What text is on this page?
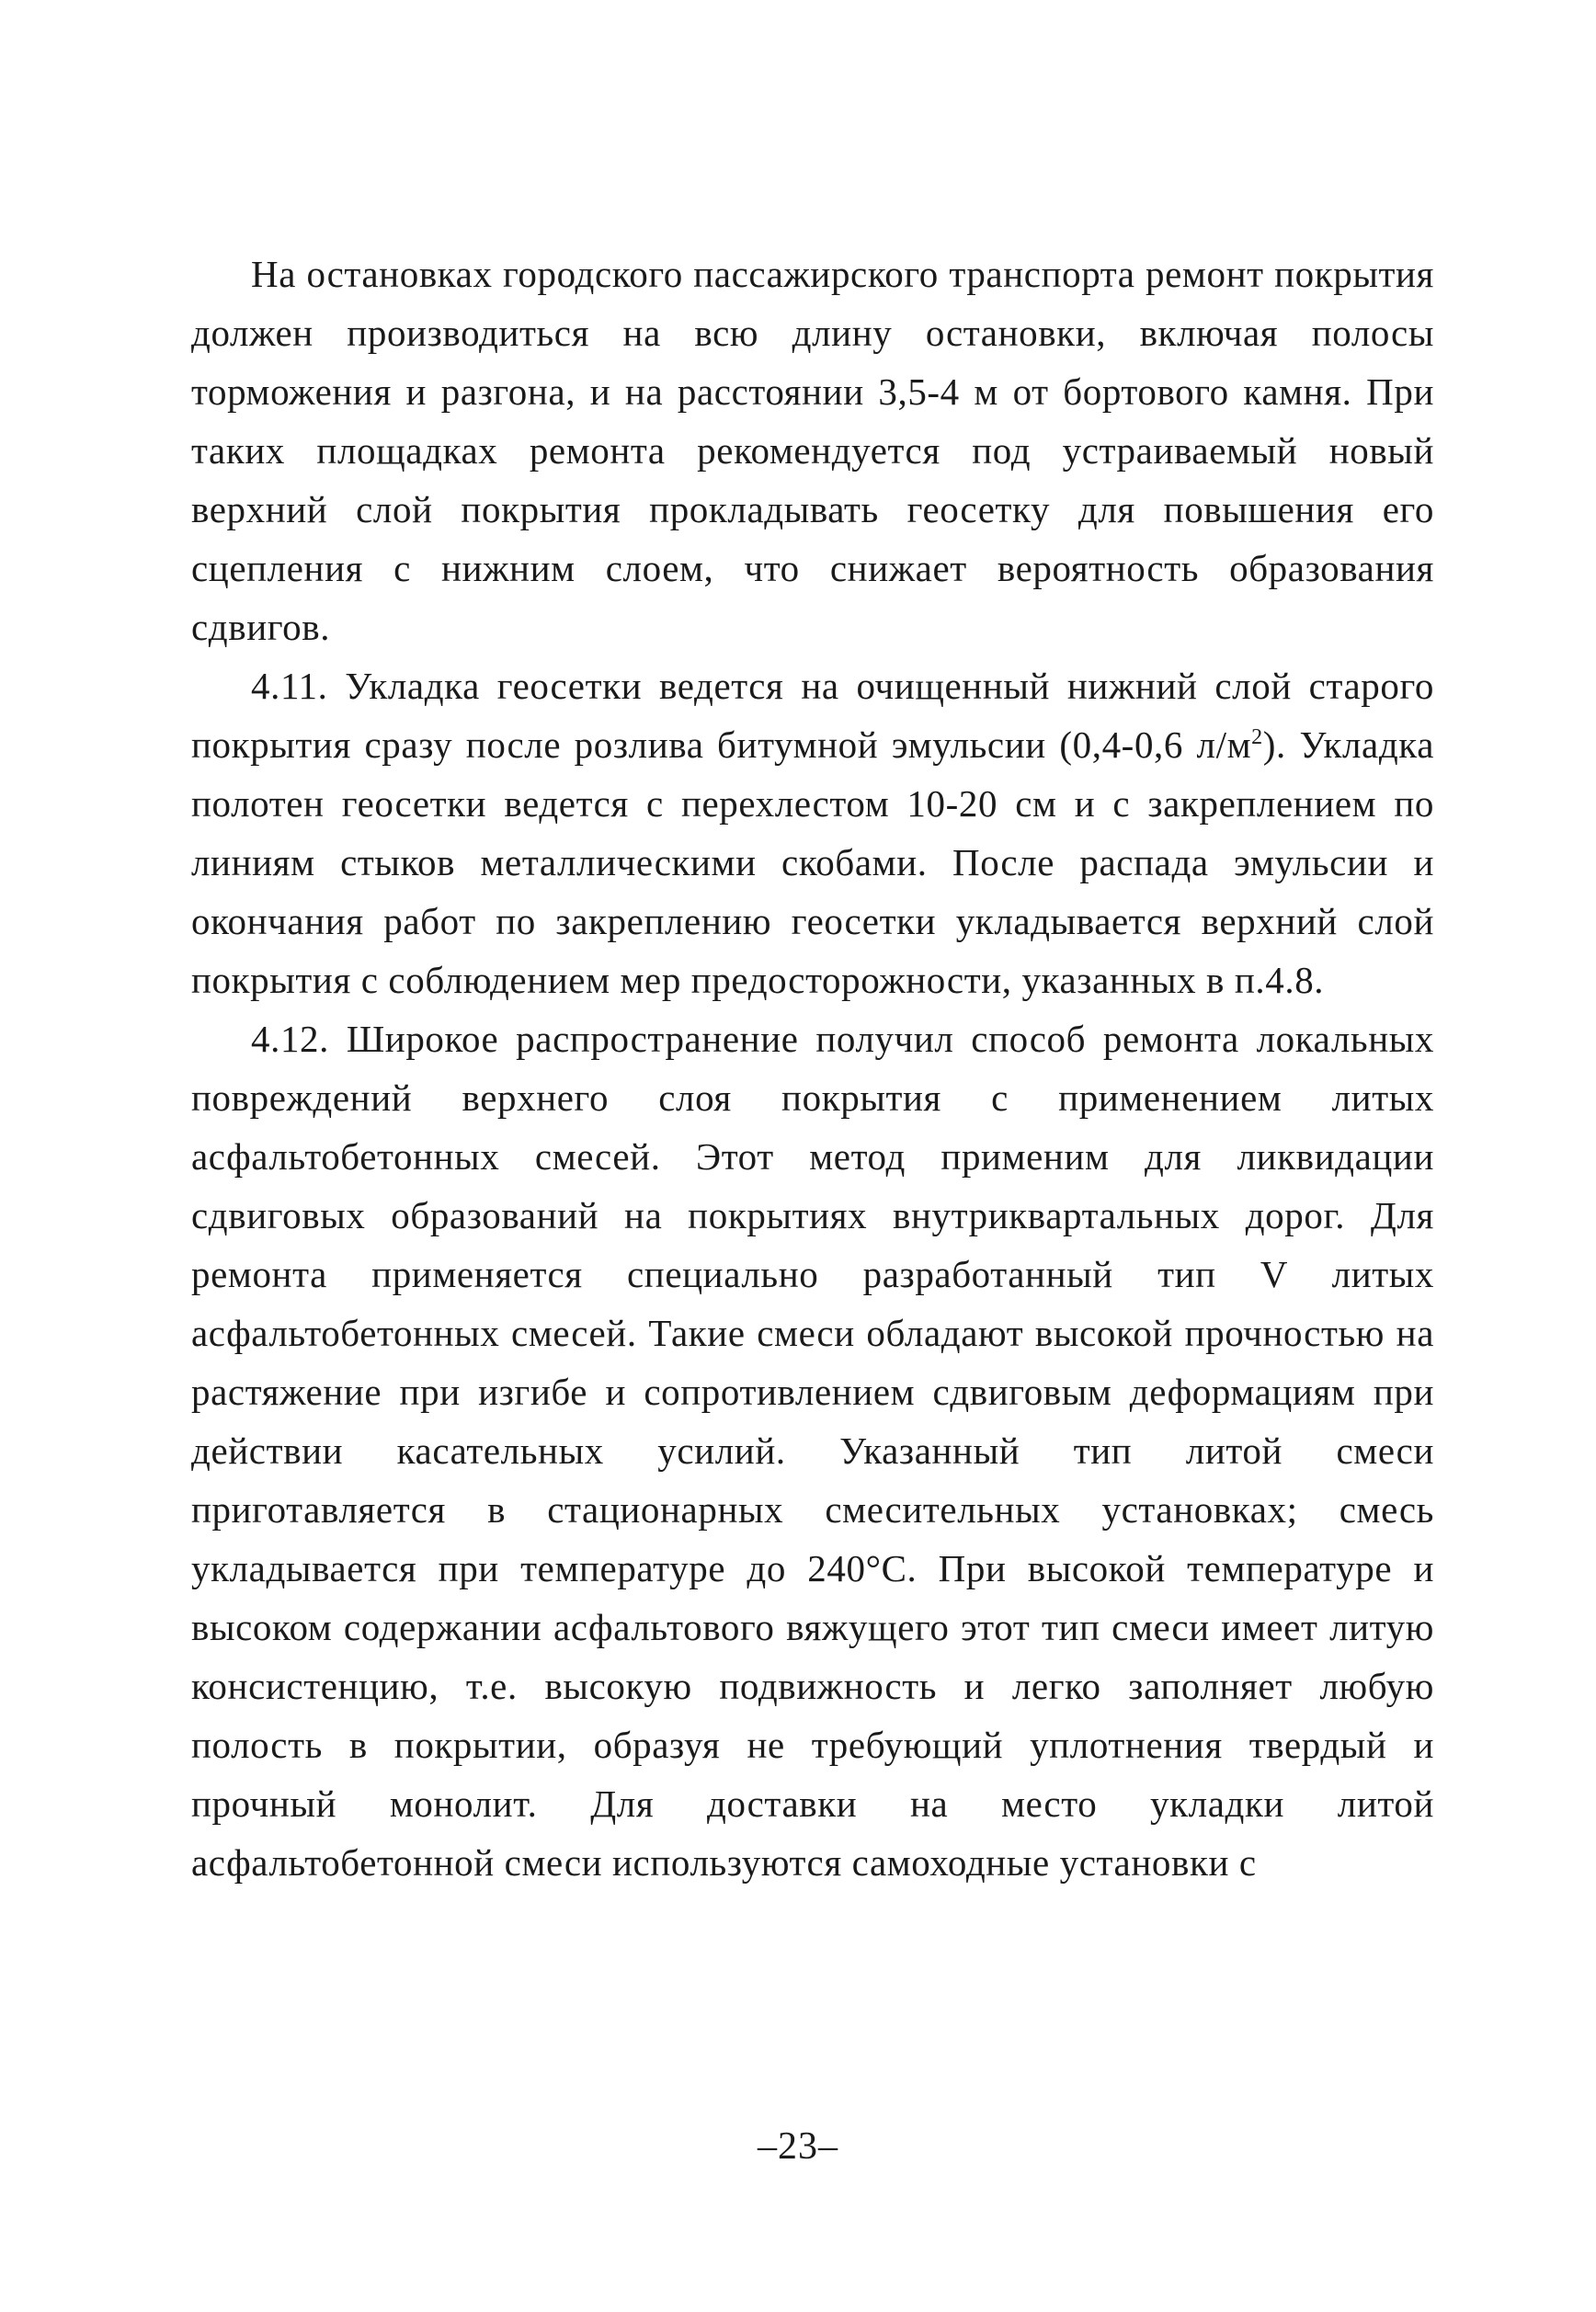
На остановках городского пассажирского транспорта ремонт покрытия должен производиться на всю длину остановки, включая полосы торможения и разгона, и на расстоянии 3,5-4 м от бортового камня. При таких площадках ремонта рекомендуется под устраиваемый новый верхний слой покрытия прокладывать геосетку для повышения его сцепления с нижним слоем, что снижает вероятность образования сдвигов.

4.11. Укладка геосетки ведется на очищенный нижний слой старого покрытия сразу после розлива битумной эмульсии (0,4-0,6 $л/м^2$). Укладка полотен геосетки ведется с перехлестом 10-20 см и с закреплением по линиям стыков металлическими скобами. После распада эмульсии и окончания работ по закреплению геосетки укладывается верхний слой покрытия с соблюдением мер предосторожности, указанных в п.4.8.

4.12. Широкое распространение получил способ ремонта локальных повреждений верхнего слоя покрытия с применением литых асфальтобетонных смесей. Этот метод применим для ликвидации сдвиговых образований на покрытиях внутриквартальных дорог. Для ремонта применяется специально разработанный тип V литых асфальтобетонных смесей. Такие смеси обладают высокой прочностью на растяжение при изгибе и сопротивлением сдвиговым деформациям при действии касательных усилий. Указанный тип литой смеси приготавляется в стационарных смесительных установках; смесь укладывается при температуре до 240°С. При высокой температуре и высоком содержании асфальтового вяжущего этот тип смеси имеет литую консистенцию, т.е. высокую подвижность и легко заполняет любую полость в покрытии, образуя не требующий уплотнения твердый и прочный монолит. Для доставки на место укладки литой асфальтобетонной смеси используются самоходные установки с

–23–
